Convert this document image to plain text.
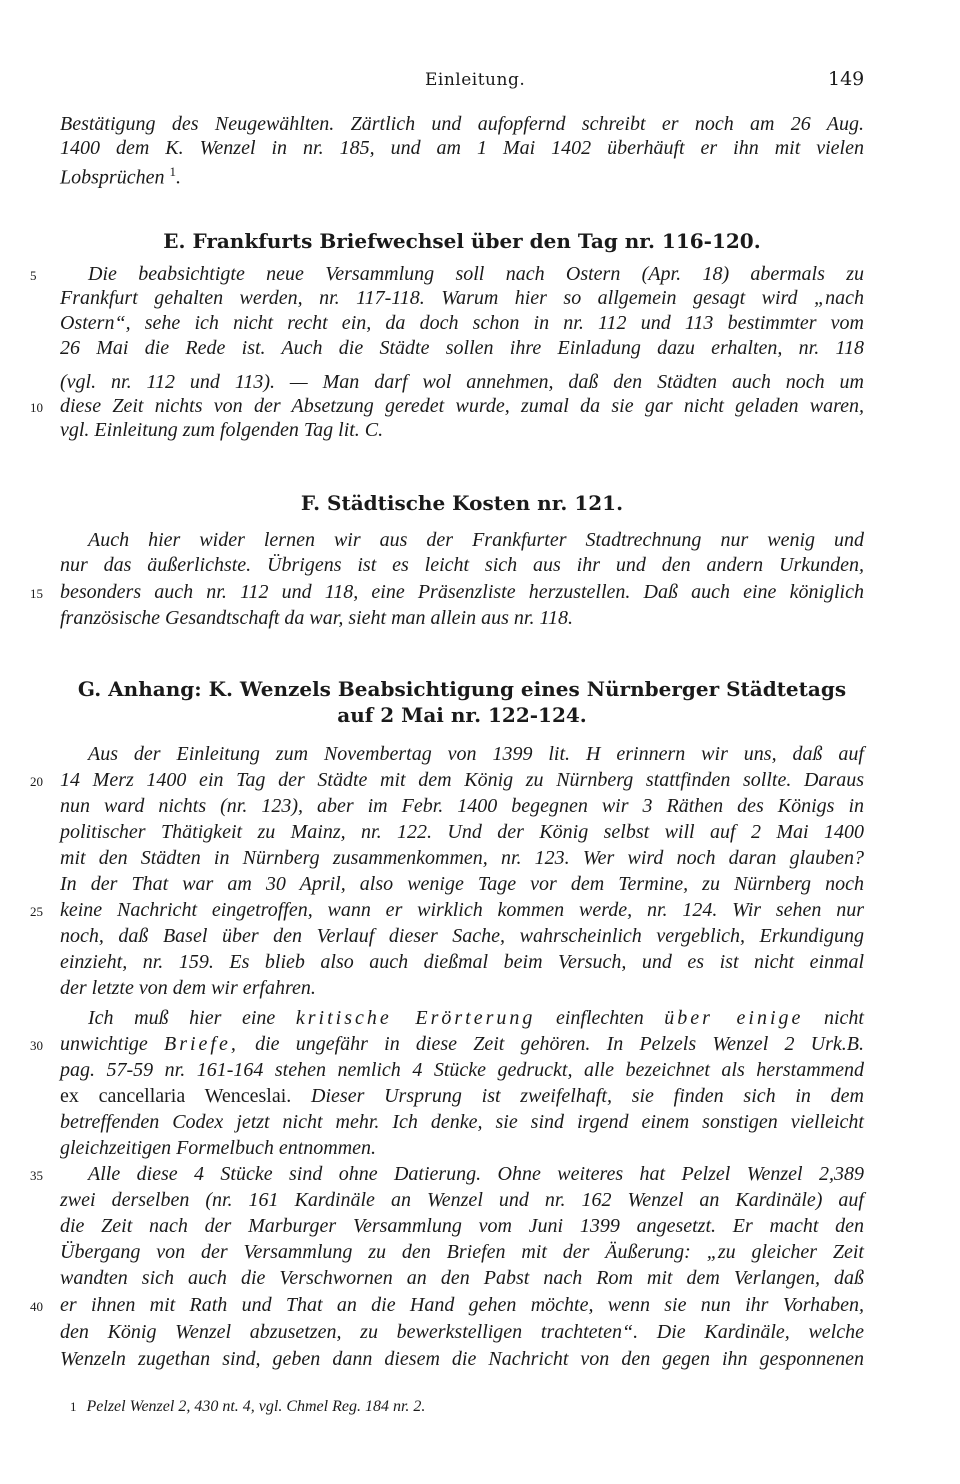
Einleitung.	149
Bestätigung des Neugewählten. Zärtlich und aufopfernd schreibt er noch am 26 Aug.
1400 dem K. Wenzel in nr. 185, und am 1 Mai 1402 überhäuft er ihn mit vielen
Lobsprüchen $^1$.
E. Frankfurts Briefwechsel über den Tag nr. 116-120.
Die beabsichtigte neue Versammlung soll nach Ostern (Apr. 18) abermals zu
Frankfurt gehalten werden, nr. 117-118. Warum hier so allgemein gesagt wird „nach
Ostern“, sehe ich nicht recht ein, da doch schon in nr. 112 und 113 bestimmter vom
26 Mai die Rede ist. Auch die Städte sollen ihre Einladung dazu erhalten, nr. 118
(vgl. nr. 112 und 113). — Man darf wol annehmen, daß den Städten auch noch um
diese Zeit nichts von der Absetzung geredet wurde, zumal da sie gar nicht geladen waren,
vgl. Einleitung zum folgenden Tag lit. C.
F. Städtische Kosten nr. 121.
Auch hier wider lernen wir aus der Frankfurter Stadtrechnung nur wenig und
nur das äußerlichste. Übrigens ist es leicht sich aus ihr und den andern Urkunden,
besonders auch nr. 112 und 118, eine Präsenzliste herzustellen. Daß auch eine königlich
französische Gesandtschaft da war, sieht man allein aus nr. 118.
G. Anhang: K. Wenzels Beabsichtigung eines Nürnberger Städtetags
auf 2 Mai nr. 122-124.
Aus der Einleitung zum Novembertag von 1399 lit. H erinnern wir uns, daß auf
14 Merz 1400 ein Tag der Städte mit dem König zu Nürnberg stattfinden sollte. Daraus
nun ward nichts (nr. 123), aber im Febr. 1400 begegnen wir 3 Räthen des Königs in
politischer Thätigkeit zu Mainz, nr. 122. Und der König selbst will auf 2 Mai 1400
mit den Städten in Nürnberg zusammenkommen, nr. 123. Wer wird noch daran glauben?
In der That war am 30 April, also wenige Tage vor dem Termine, zu Nürnberg noch
keine Nachricht eingetroffen, wann er wirklich kommen werde, nr. 124. Wir sehen nur
noch, daß Basel über den Verlauf dieser Sache, wahrscheinlich vergeblich, Erkundigung
einzieht, nr. 159. Es blieb also auch dießmal beim Versuch, und es ist nicht einmal
der letzte von dem wir erfahren.
Ich muß hier eine kritische Erörterung einflechten über einige nicht
unwichtige Briefe, die ungefähr in diese Zeit gehören. In Pelzels Wenzel 2 Urk.B.
pag. 57-59 nr. 161-164 stehen nemlich 4 Stücke gedruckt, alle bezeichnet als herstammend
ex cancellaria Wenceslai. Dieser Ursprung ist zweifelhaft, sie finden sich in dem
betreffenden Codex jetzt nicht mehr. Ich denke, sie sind irgend einem sonstigen vielleicht
gleichzeitigen Formelbuch entnommen.
Alle diese 4 Stücke sind ohne Datierung. Ohne weiteres hat Pelzel Wenzel 2,389
zwei derselben (nr. 161 Kardinäle an Wenzel und nr. 162 Wenzel an Kardinäle) auf
die Zeit nach der Marburger Versammlung vom Juni 1399 angesetzt. Er macht den
Übergang von der Versammlung zu den Briefen mit der Äußerung: „zu gleicher Zeit
wandten sich auch die Verschwornen an den Pabst nach Rom mit dem Verlangen, daß
er ihnen mit Rath und That an die Hand gehen möchte, wenn sie nun ihr Vorhaben,
den König Wenzel abzusetzen, zu bewerkstelligen trachteten“. Die Kardinäle, welche
Wenzeln zugethan sind, geben dann diesem die Nachricht von den gegen ihn gesponnenen
5
10
15
20
25
30
35
40
1 Pelzel Wenzel 2, 430 nt. 4, vgl. Chmel Reg. 184 nr. 2.
